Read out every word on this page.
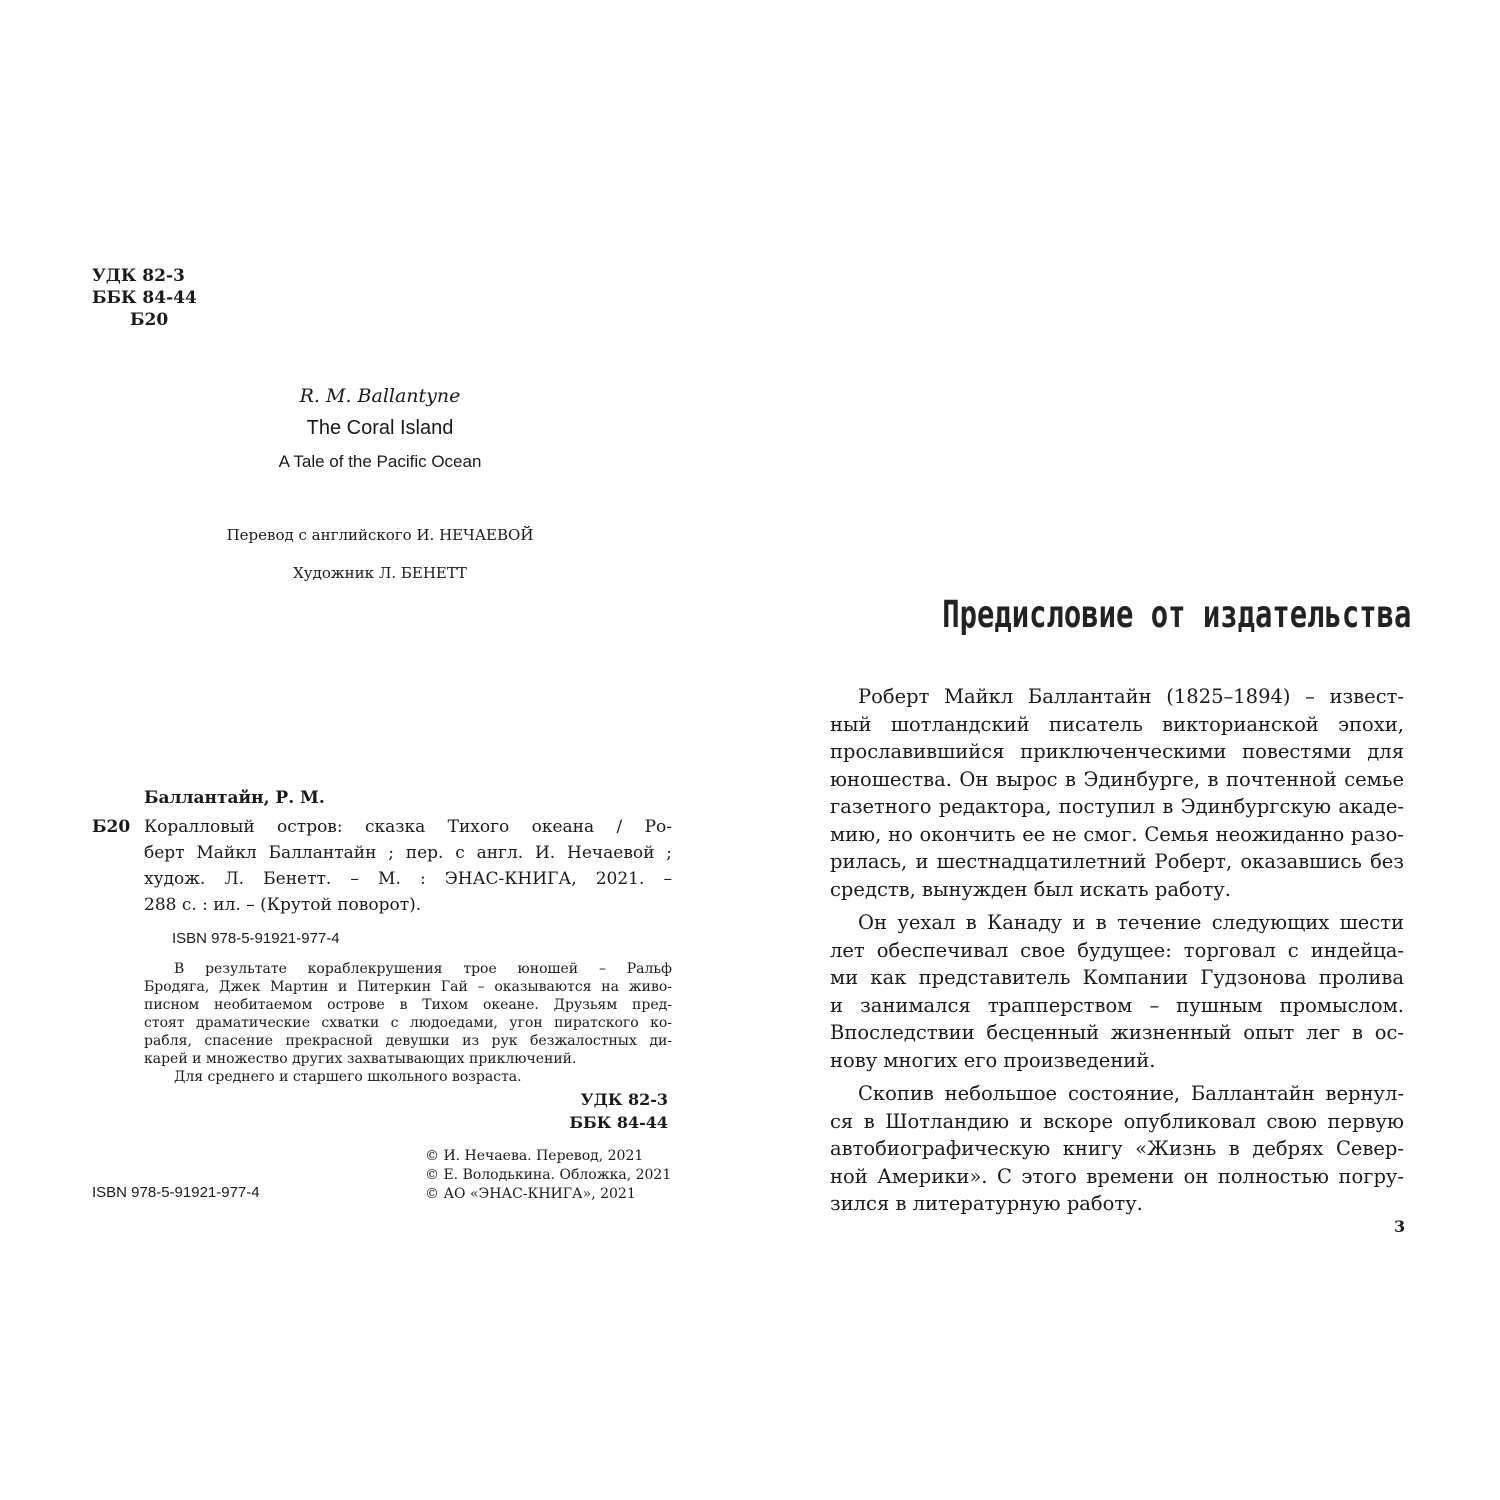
УДК 82-3
ББК 84-44
Б20
R. M. Ballantyne
The Coral Island
A Tale of the Pacific Ocean
Перевод с английского И. НЕЧАЕВОЙ
Художник Л. БЕНЕТТ
Баллантайн, Р. М.
Б20 Коралловый остров: сказка Тихого океана / Ро-
берт Майкл Баллантайн ; пер. с англ. И. Нечаевой ;
худож. Л. Бенетт. – М. : ЭНАС-КНИГА, 2021. –
288 с. : ил. – (Крутой поворот).
ISBN 978-5-91921-977-4
В результате кораблекрушения трое юношей – Ральф
Бродяга, Джек Мартин и Питеркин Гай – оказываются на живо-
писном необитаемом острове в Тихом океане. Друзьям пред-
стоят драматические схватки с людоедами, угон пиратского ко-
рабля, спасение прекрасной девушки из рук безжалостных ди-
карей и множество других захватывающих приключений.
Для среднего и старшего школьного возраста.
УДК 82-3
ББК 84-44
© И. Нечаева. Перевод, 2021
© Е. Володькина. Обложка, 2021
© АО «ЭНАС-КНИГА», 2021
ISBN 978-5-91921-977-4
Предисловие от издательства
Роберт Майкл Баллантайн (1825–1894) – извест-
ный шотландский писатель викторианской эпохи,
прославившийся приключенческими повестями для
юношества. Он вырос в Эдинбурге, в почтенной семье
газетного редактора, поступил в Эдинбургскую акаде-
мию, но окончить ее не смог. Семья неожиданно разо-
рилась, и шестнадцатилетний Роберт, оказавшись без
средств, вынужден был искать работу.
Он уехал в Канаду и в течение следующих шести
лет обеспечивал свое будущее: торговал с индейца-
ми как представитель Компании Гудзонова пролива
и занимался трапперством – пушным промыслом.
Впоследствии бесценный жизненный опыт лег в ос-
нову многих его произведений.
Скопив небольшое состояние, Баллантайн вернул-
ся в Шотландию и вскоре опубликовал свою первую
автобиографическую книгу «Жизнь в дебрях Север-
ной Америки». С этого времени он полностью погру-
зился в литературную работу.
3
